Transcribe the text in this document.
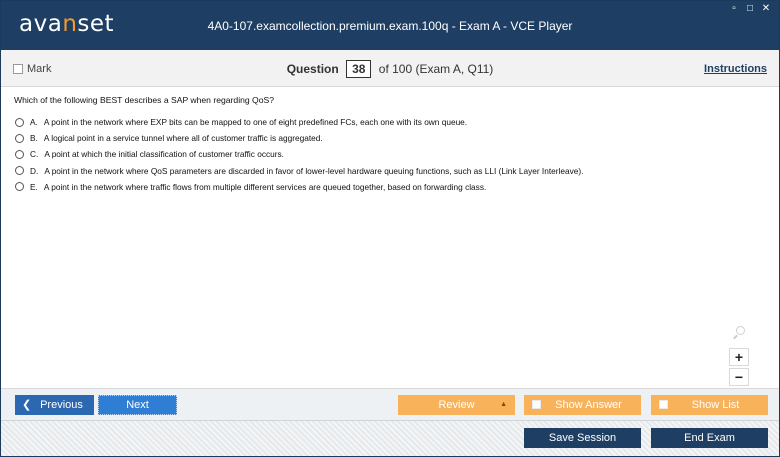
avanset	4A0-107.examcollection.premium.exam.100q - Exam A - VCE Player
▫	□ ✕
Mark	Question 38 of 100 (Exam A, Q11)	Instructions
Which of the following BEST describes a SAP when regarding QoS?
A. A point in the network where EXP bits can be mapped to one of eight predefined FCs, each one with its own queue.
B. A logical point in a service tunnel where all of customer traffic is aggregated.
C. A point at which the initial classification of customer traffic occurs.
D. A point in the network where QoS parameters are discarded in favor of lower-level hardware queuing functions, such as LLI (Link Layer Interleave).
E. A point in the network where traffic flows from multiple different services are queued together, based on forwarding class.
+
−
❮ Previous	Next	Review	▲	Show Answer	Show List
Save Session	End Exam
